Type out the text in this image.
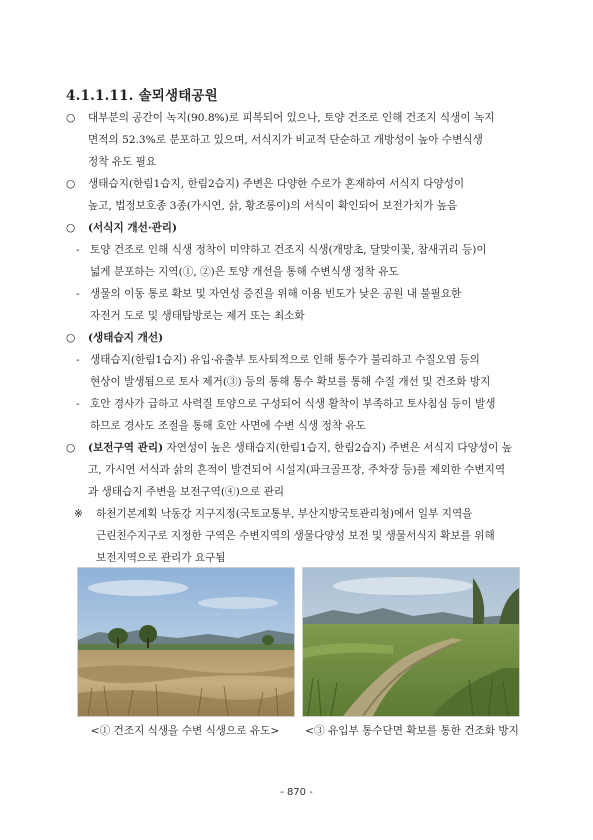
4.1.1.11. 솔뫼생태공원
○	대부분의 공간이 녹지(90.8%)로 피복되어 있으나, 토양 건조로 인해 건조지 식생이 녹지
면적의 52.3%로 분포하고 있으며, 서식지가 비교적 단순하고 개방성이 높아 수변식생
정착 유도 필요
○	생태습지(한림1습지, 한림2습지) 주변은 다양한 수로가 혼재하여 서식지 다양성이
높고, 법정보호종 3종(가시연, 삵, 황조롱이)의 서식이 확인되어 보전가치가 높음
○	(서식지 개선·관리)
- 토양 건조로 인해 식생 정착이 미약하고 건조지 식생(개망초, 달맞이꽃, 참새귀리 등)이
넓게 분포하는 지역(①, ②)은 토양 개선을 통해 수변식생 정착 유도
- 생물의 이동 통로 확보 및 자연성 증진을 위해 이용 빈도가 낮은 공원 내 불필요한
자전거 도로 및 생태탐방로는 제거 또는 최소화
○	(생태습지 개선)
- 생태습지(한림1습지) 유입·유출부 토사퇴적으로 인해 통수가 불리하고 수질오염 등의
현상이 발생됨으로 토사 제거(③) 등의 통해 통수 확보를 통해 수질 개선 및 건조화 방지
- 호안 경사가 급하고 사력질 토양으로 구성되어 식생 활착이 부족하고 토사침심 등이 발생
하므로 경사도 조절을 통해 호안 사면에 수변 식생 정착 유도
○	(보전구역 관리) 자연성이 높은 생태습지(한림1습지, 한림2습지) 주변은 서식지 다양성이 높
고, 가시연 서식과 삵의 흔적이 발견되어 시설지(파크골프장, 주차장 등)를 제외한 수변지역
과 생태습지 주변을 보전구역(④)으로 관리
※	하천기본계획 낙동강 지구지정(국토교통부, 부산지방국토관리청)에서 일부 지역을
근린친수지구로 지정한 구역은 수변지역의 생물다양성 보전 및 생물서식지 확보를 위해
보전지역으로 관리가 요구됨
<① 건조지 식생을 수변 식생으로 유도>	<③ 유입부 통수단면 확보를 통한 건조화 방지
- 870 -
